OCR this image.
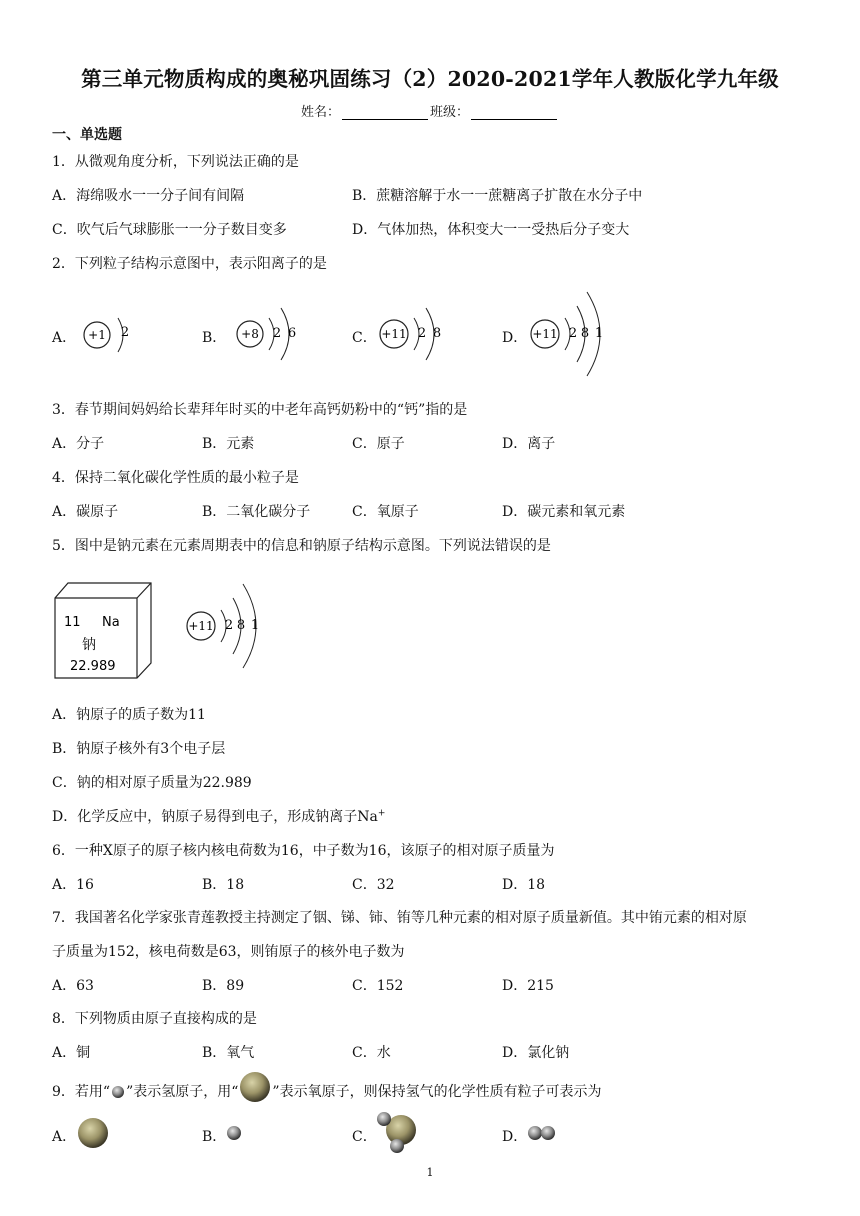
第三单元物质构成的奥秘巩固练习（2）2020-2021学年人教版化学九年级
姓名：	班级：
一、单选题
1．从微观角度分析，下列说法正确的是
A．海绵吸水一一分子间有间隔	B．蔗糖溶解于水一一蔗糖离子扩散在水分子中
C．吹气后气球膨胀一一分子数目变多	D．气体加热，体积变大一一受热后分子变大
2．下列粒子结构示意图中，表示阳离子的是
A．	B．	C．	D．
+1 2	+8 2 6	+11 2 8	+11 2 8 1
3．春节期间妈妈给长辈拜年时买的中老年高钙奶粉中的“钙”指的是
A．分子	B．元素	C．原子	D．离子
4．保持二氧化碳化学性质的最小粒子是
A．碳原子	B．二氧化碳分子	C．氧原子	D．碳元素和氧元素
5．图中是钠元素在元素周期表中的信息和钠原子结构示意图。下列说法错误的是
11 Na
钠
22.989
+11 2 8 1
A．钠原子的质子数为11
B．钠原子核外有3个电子层
C．钠的相对原子质量为22.989
D．化学反应中，钠原子易得到电子，形成钠离子Na+
6．一种X原子的原子核内核电荷数为16，中子数为16，该原子的相对原子质量为
A．16	B．18	C．32	D．18
7．我国著名化学家张青莲教授主持测定了铟、锑、铈、铕等几种元素的相对原子质量新值。其中铕元素的相对原
子质量为152，核电荷数是63，则铕原子的核外电子数为
A．63	B．89	C．152	D．215
8．下列物质由原子直接构成的是
A．铜	B．氧气	C．水	D．氯化钠
9．若用“ ”表示氢原子，用“ ”表示氧原子，则保持氢气的化学性质有粒子可表示为
A．	B．	C．	D．
1
